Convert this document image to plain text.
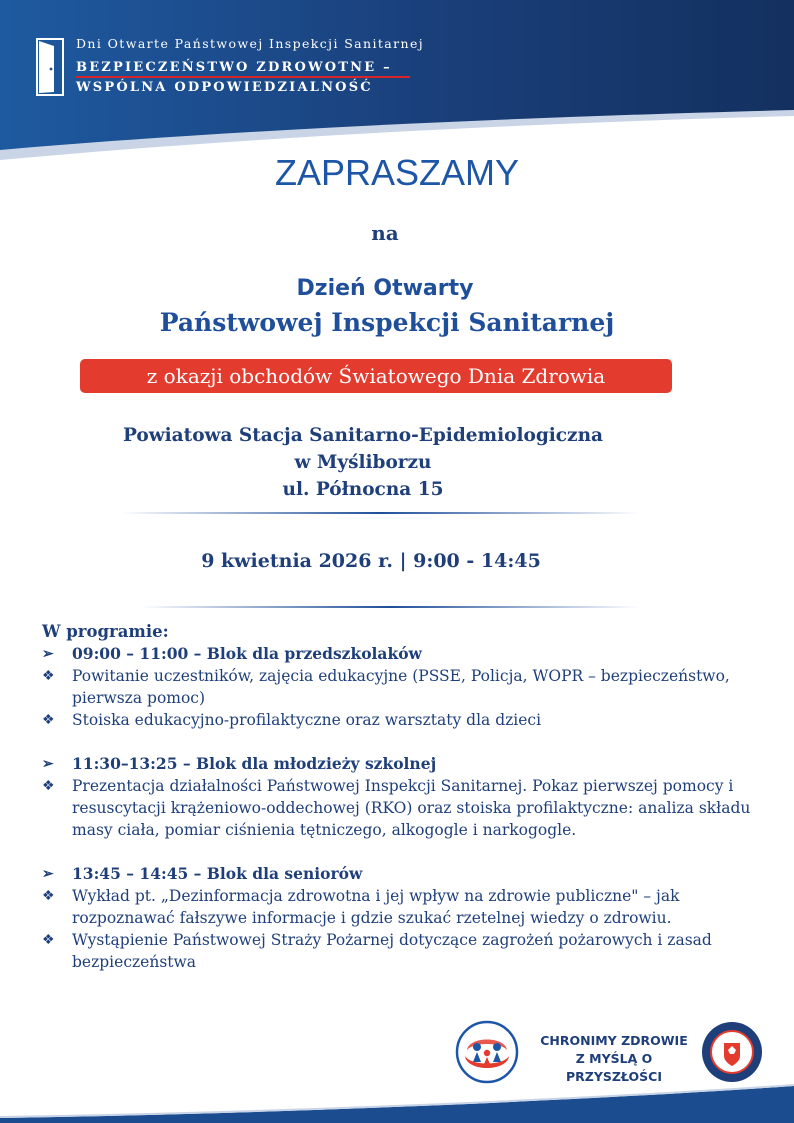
Dni Otwarte Państwowej Inspekcji Sanitarnej
BEZPIECZEŃSTWO ZDROWOTNE –
WSPÓLNA ODPOWIEDZIALNOŚĆ
ZAPRASZAMY
na
Dzień Otwarty
Państwowej Inspekcji Sanitarnej
z okazji obchodów Światowego Dnia Zdrowia
Powiatowa Stacja Sanitarno-Epidemiologiczna
w Myśliborzu
ul. Północna 15
9 kwietnia 2026 r. | 9:00 - 14:45
W programie:
➢	09:00 – 11:00 – Blok dla przedszkolaków
❖	Powitanie uczestników, zajęcia edukacyjne (PSSE, Policja, WOPR – bezpieczeństwo, pierwsza pomoc)
❖	Stoiska edukacyjno-profilaktyczne oraz warsztaty dla dzieci
➢	11:30–13:25 – Blok dla młodzieży szkolnej
❖	Prezentacja działalności Państwowej Inspekcji Sanitarnej. Pokaz pierwszej pomocy i resuscytacji krążeniowo-oddechowej (RKO) oraz stoiska profilaktyczne: analiza składu masy ciała, pomiar ciśnienia tętniczego, alkogogle i narkogogle.
➢	13:45 – 14:45 – Blok dla seniorów
❖	Wykład pt. „Dezinformacja zdrowotna i jej wpływ na zdrowie publiczne" – jak rozpoznawać fałszywe informacje i gdzie szukać rzetelnej wiedzy o zdrowiu.
❖	Wystąpienie Państwowej Straży Pożarnej dotyczące zagrożeń pożarowych i zasad bezpieczeństwa
CHRONIMY ZDROWIE
Z MYŚLĄ O PRZYSZŁOŚCI
